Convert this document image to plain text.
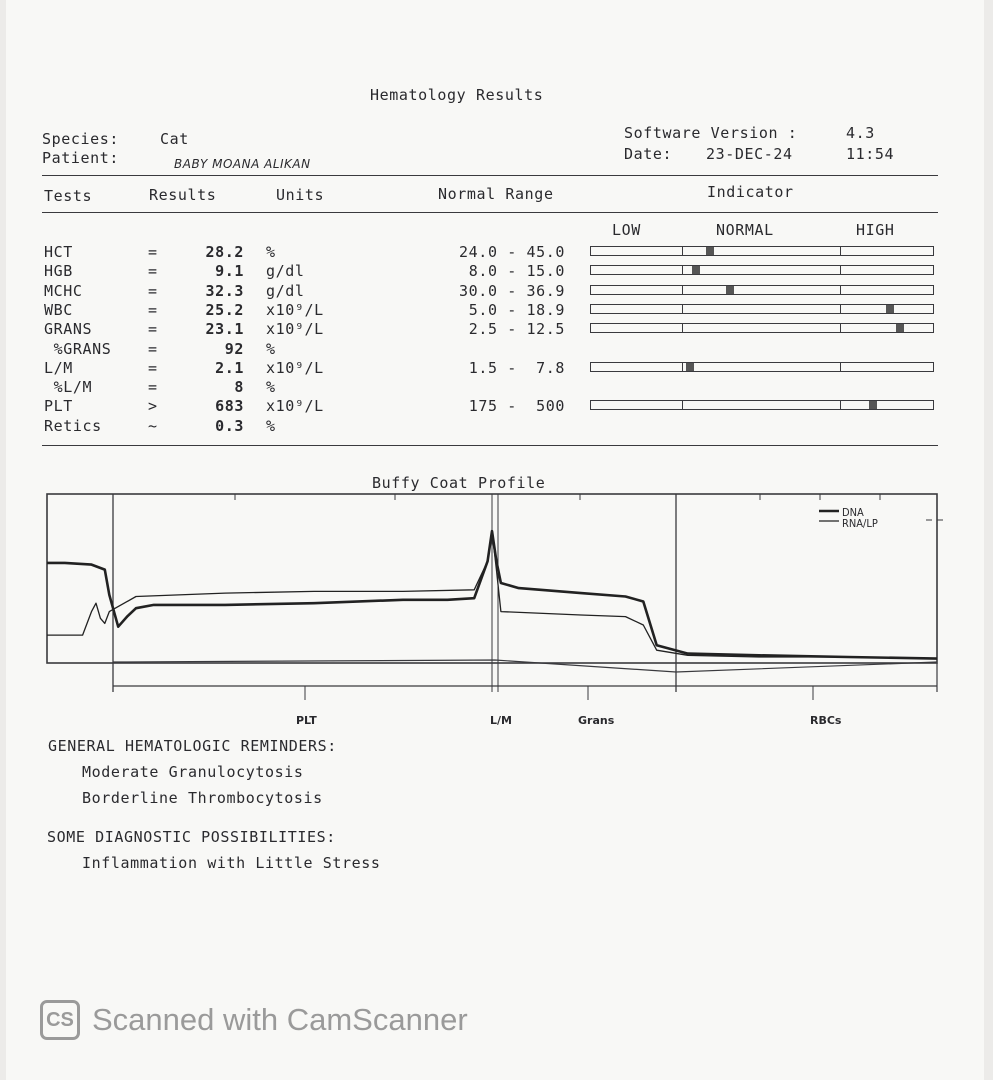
Hematology Results
Species:	Cat
Patient:	BABY MOANA ALIKAN
Software Version :	4.3
Date: 23-DEC-24	11:54
Tests	Results	Units	Normal Range	Indicator
LOW	NORMAL	HIGH
HCT	=	28.2 %	24.0 - 45.0
HGB	=	9.1 g/dl	8.0 - 15.0
MCHC	=	32.3 g/dl	30.0 - 36.9
WBC	=	25.2 x10⁹/L	5.0 - 18.9
GRANS	=	23.1 x10⁹/L	2.5 - 12.5
%GRANS =	92 %
L/M	=	2.1 x10⁹/L	1.5 -  7.8
%L/M	=	8 %
PLT	>	683 x10⁹/L	175 -  500
Retics	~	0.3 %
Buffy Coat Profile
DNA
RNA/LP
PLT	L/M	Grans	RBCs
GENERAL HEMATOLOGIC REMINDERS:
Moderate Granulocytosis
Borderline Thrombocytosis
SOME DIAGNOSTIC POSSIBILITIES:
Inflammation with Little Stress
CS Scanned with CamScanner
